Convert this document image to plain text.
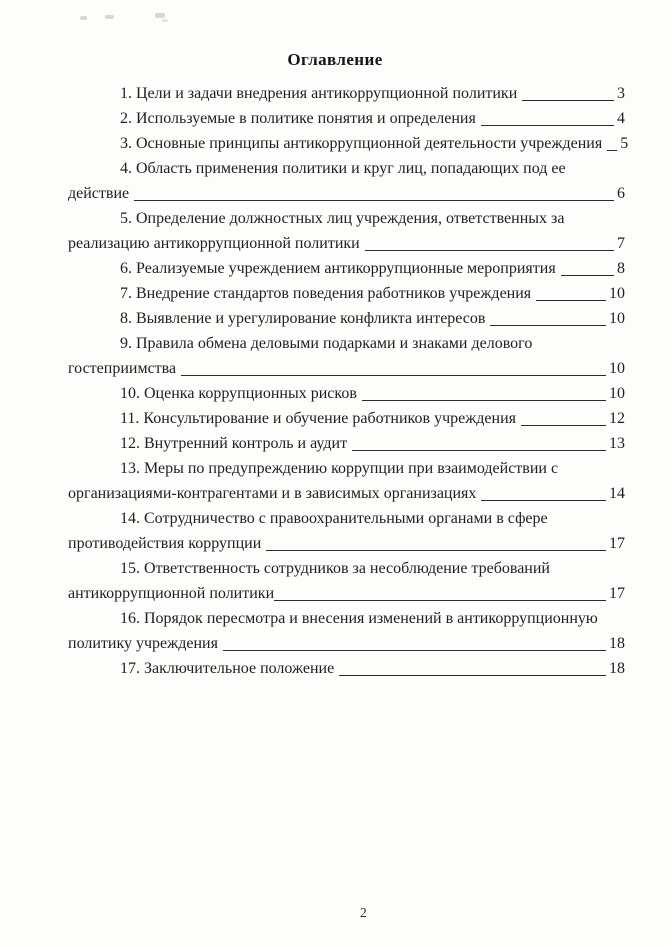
Оглавление
1. Цели и задачи внедрения антикоррупционной политики	3
2. Используемые в политике понятия и определения	4
3. Основные принципы антикоррупционной деятельности учреждения 5
4. Область применения политики и круг лиц, попадающих под ее
действие	6
5. Определение должностных лиц учреждения, ответственных за
реализацию антикоррупционной политики	7
6. Реализуемые учреждением антикоррупционные мероприятия	8
7. Внедрение стандартов поведения работников учреждения	10
8. Выявление и урегулирование конфликта интересов	10
9. Правила обмена деловыми подарками и знаками делового
гостеприимства	10
10. Оценка коррупционных рисков	10
11. Консультирование и обучение работников учреждения	12
12. Внутренний контроль и аудит	13
13. Меры по предупреждению коррупции при взаимодействии с
организациями-контрагентами и в зависимых организациях	14
14. Сотрудничество с правоохранительными органами в сфере
противодействия коррупции	17
15. Ответственность сотрудников за несоблюдение требований
антикоррупционной политики	17
16. Порядок пересмотра и внесения изменений в антикоррупционную
политику учреждения	18
17. Заключительное положение	18
2
